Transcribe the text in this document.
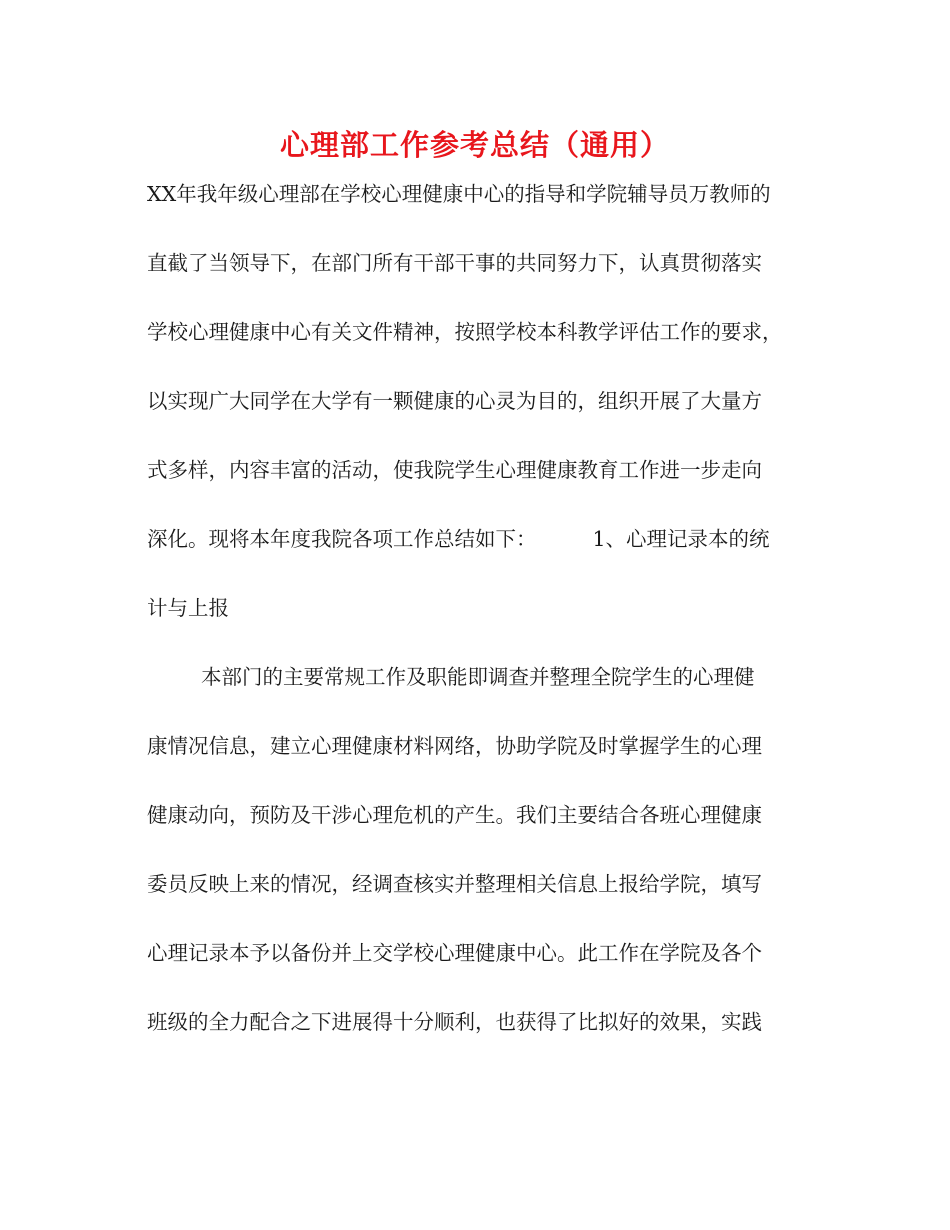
心理部工作参考总结（通用）

XX年我年级心理部在学校心理健康中心的指导和学院辅导员万教师的

直截了当领导下，在部门所有干部干事的共同努力下，认真贯彻落实

学校心理健康中心有关文件精神，按照学校本科教学评估工作的要求，

以实现广大同学在大学有一颗健康的心灵为目的，组织开展了大量方

式多样，内容丰富的活动，使我院学生心理健康教育工作进一步走向

深化。现将本年度我院各项工作总结如下：	1、心理记录本的统

计与上报

本部门的主要常规工作及职能即调查并整理全院学生的心理健

康情况信息，建立心理健康材料网络，协助学院及时掌握学生的心理

健康动向，预防及干涉心理危机的产生。我们主要结合各班心理健康

委员反映上来的情况，经调查核实并整理相关信息上报给学院，填写

心理记录本予以备份并上交学校心理健康中心。此工作在学院及各个

班级的全力配合之下进展得十分顺利，也获得了比拟好的效果，实践
